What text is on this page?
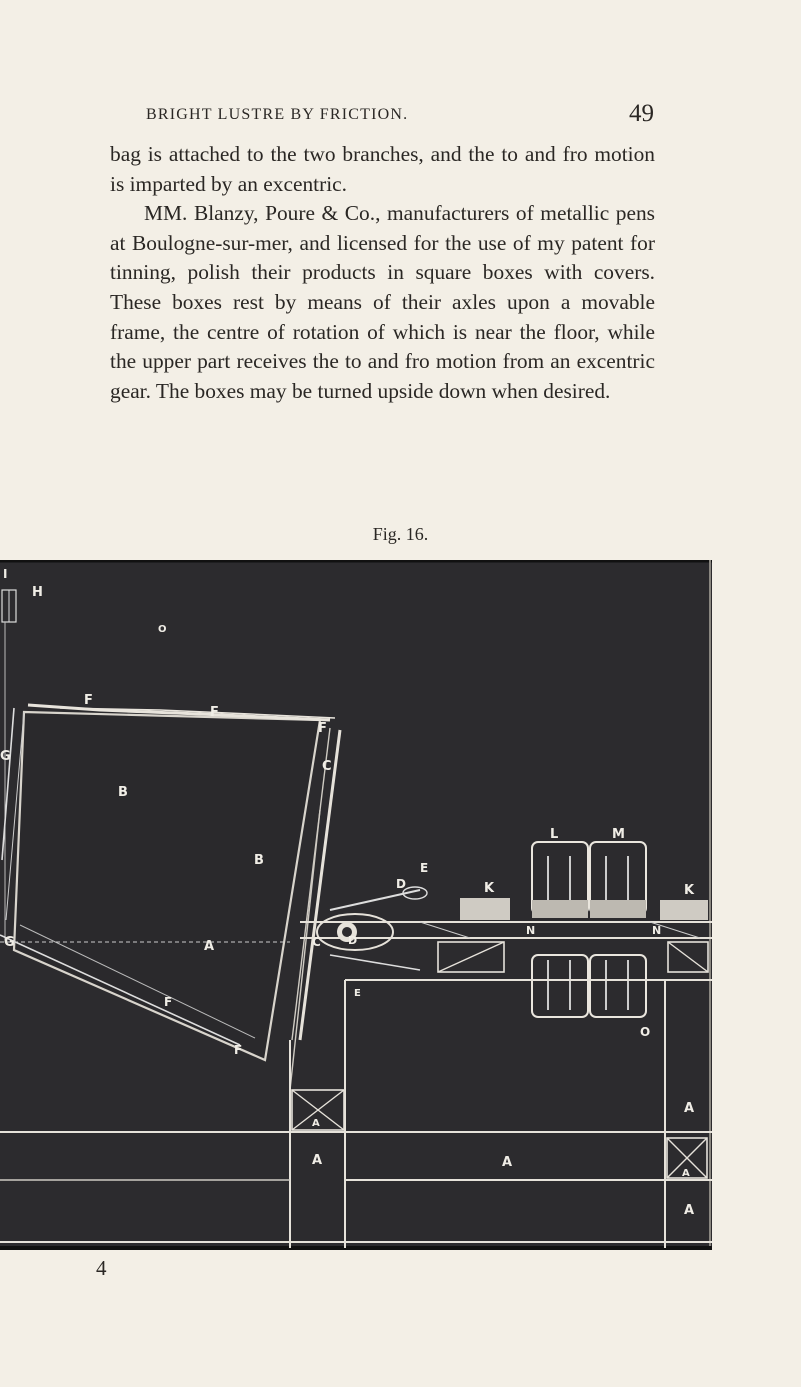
BRIGHT LUSTRE BY FRICTION.	49

bag is attached to the two branches, and the to and fro motion is imparted by an excentric.

MM. Blanzy, Poure & Co., manufacturers of metallic pens at Boulogne-sur-mer, and licensed for the use of my patent for tinning, polish their products in square boxes with covers. These boxes rest by means of their axles upon a movable frame, the centre of rotation of which is near the floor, while the upper part receives the to and fro motion from an excentric gear. The boxes may be turned upside down when desired.

Fig. 16.
I
H
O
F
F
F
G
B
B
C
D
E
K
L	M
K
G	A	C D
N	N
E
F
F
O
A
A
A	A
A
A
4
